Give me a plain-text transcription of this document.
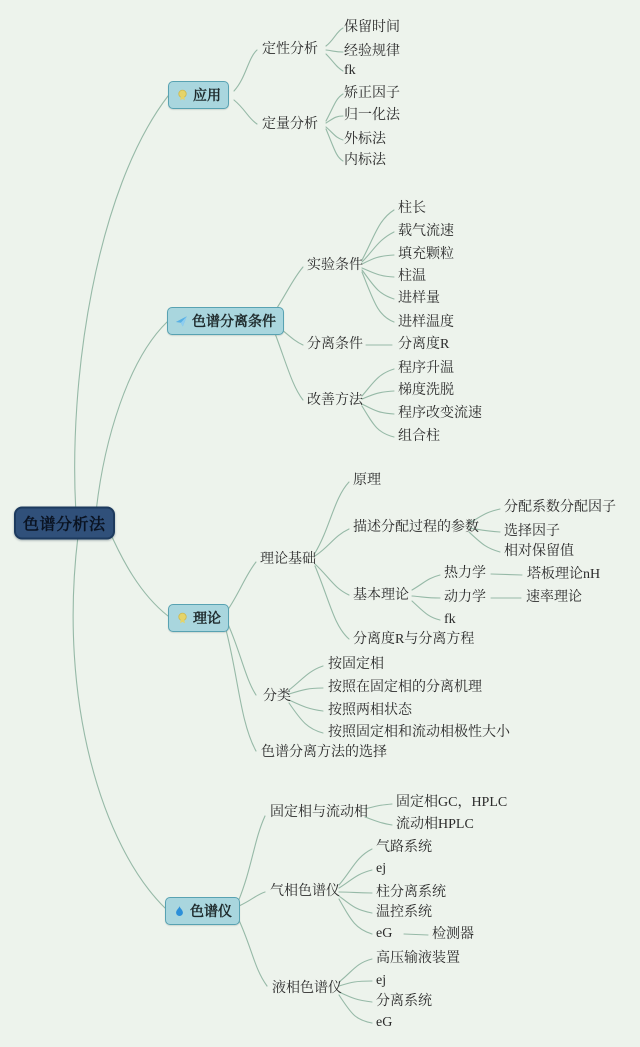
色谱分析法
应用
色谱分离条件
理论
色谱仪
定性分析
保留时间
经验规律
fk
定量分析
矫正因子
归一化法
外标法
内标法
实验条件
柱长
载气流速
填充颗粒
柱温
进样量
进样温度
分离条件	分离度R
改善方法
程序升温
梯度洗脱
程序改变流速
组合柱
理论基础
原理
描述分配过程的参数
分配系数分配因子
选择因子
相对保留值
基本理论
热力学	塔板理论nH
动力学	速率理论
fk
分离度R与分离方程
分类
按固定相
按照在固定相的分离机理
按照两相状态
按照固定相和流动相极性大小
色谱分离方法的选择
固定相与流动相
固定相GC，HPLC
流动相HPLC
气相色谱仪
气路系统
ej
柱分离系统
温控系统
eG	检测器
液相色谱仪
高压输液装置
ej
分离系统
eG
